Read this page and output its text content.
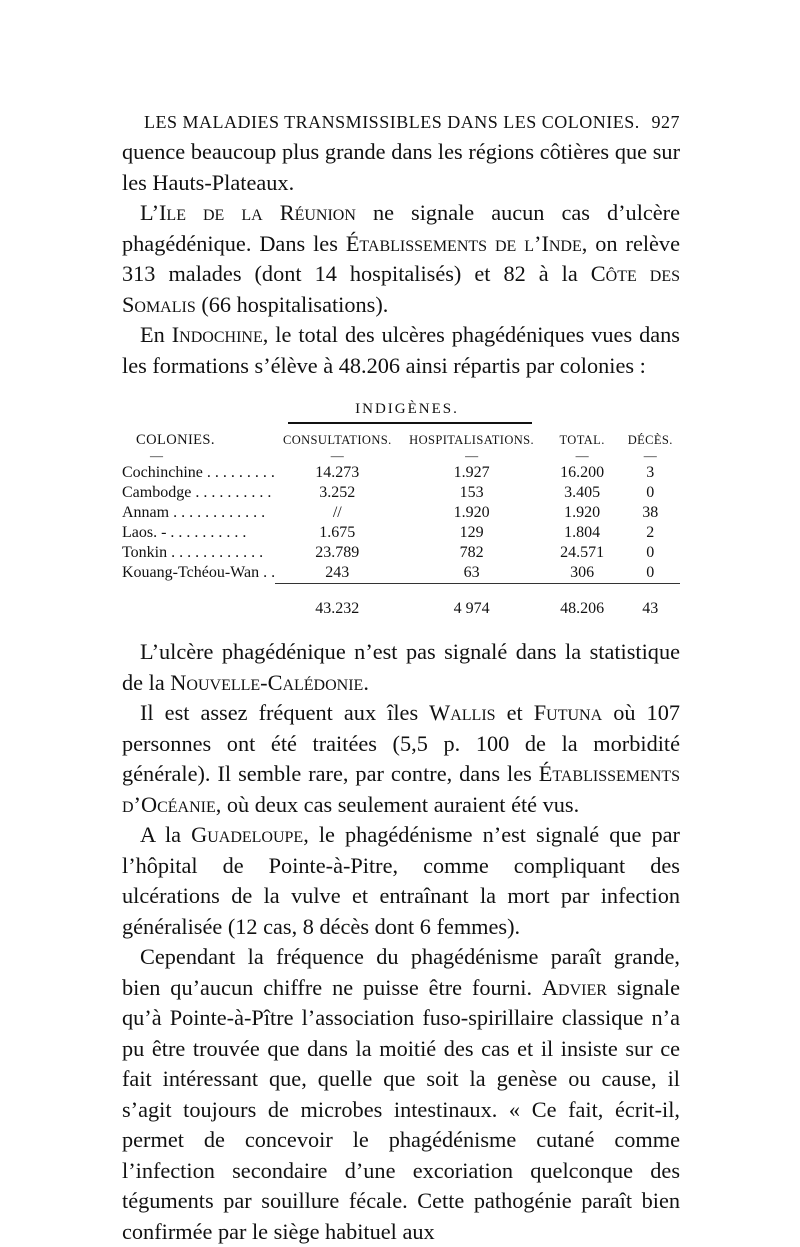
LES MALADIES TRANSMISSIBLES DANS LES COLONIES. 927

quence beaucoup plus grande dans les régions côtières que sur les Hauts-Plateaux.

L’Ile de la Réunion ne signale aucun cas d’ulcère phagédénique. Dans les Établissements de l’Inde, on relève 313 malades (dont 14 hospitalisés) et 82 à la Côte des Somalis (66 hospitalisations).

En Indochine, le total des ulcères phagédéniques vues dans les formations s’élève à 48.206 ainsi répartis par colonies :

INDIGÈNES.
COLONIES.	CONSULTATIONS.	HOSPITALISATIONS.	TOTAL.	DÉCÈS.
—	—	—	—	—
Cochinchine . . . . . . . . .	14.273	1.927	16.200	3
Cambodge . . . . . . . . . .	3.252	153	3.405	0
Annam . . . . . . . . . . . .	//	1.920	1.920	38
Laos. - . . . . . . . . . .	1.675	129	1.804	2
Tonkin . . . . . . . . . . . .	23.789	782	24.571	0
Kouang-Tchéou-Wan . .	243	63	306	0

	43.232	4 974	48.206	43

L’ulcère phagédénique n’est pas signalé dans la statistique de la Nouvelle-Calédonie.

Il est assez fréquent aux îles Wallis et Futuna où 107 personnes ont été traitées (5,5 p. 100 de la morbidité générale). Il semble rare, par contre, dans les Établissements d’Océanie, où deux cas seulement auraient été vus.

A la Guadeloupe, le phagédénisme n’est signalé que par l’hôpital de Pointe-à-Pitre, comme compliquant des ulcérations de la vulve et entraînant la mort par infection généralisée (12 cas, 8 décès dont 6 femmes).

Cependant la fréquence du phagédénisme paraît grande, bien qu’aucun chiffre ne puisse être fourni. Advier signale qu’à Pointe-à-Pître l’association fuso-spirillaire classique n’a pu être trouvée que dans la moitié des cas et il insiste sur ce fait intéressant que, quelle que soit la genèse ou cause, il s’agit toujours de microbes intestinaux. « Ce fait, écrit-il, permet de concevoir le phagédénisme cutané comme l’infection secondaire d’une excoriation quelconque des téguments par souillure fécale. Cette pathogénie paraît bien confirmée par le siège habituel aux
